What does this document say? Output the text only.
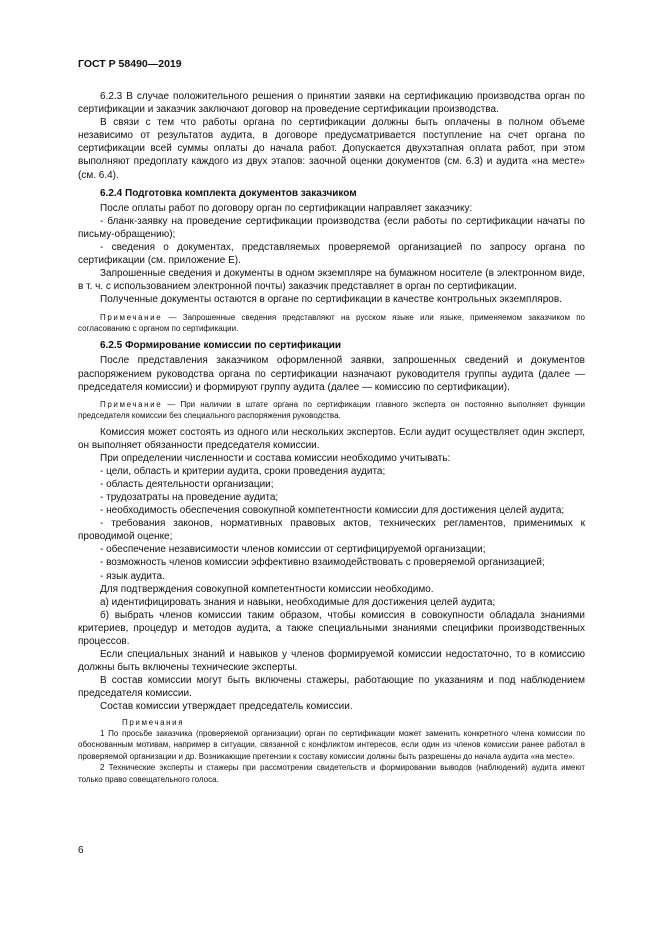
ГОСТ Р 58490—2019

6.2.3 В случае положительного решения о принятии заявки на сертификацию производства орган по сертификации и заказчик заключают договор на проведение сертификации производства.

В связи с тем что работы органа по сертификации должны быть оплачены в полном объеме независимо от результатов аудита, в договоре предусматривается поступление на счет органа по сертификации всей суммы оплаты до начала работ. Допускается двухэтапная оплата работ, при этом выполняют предоплату каждого из двух этапов: заочной оценки документов (см. 6.3) и аудита «на месте» (см. 6.4).

6.2.4 Подготовка комплекта документов заказчиком

После оплаты работ по договору орган по сертификации направляет заказчику:

- бланк-заявку на проведение сертификации производства (если работы по сертификации начаты по письму-обращению);

- сведения о документах, представляемых проверяемой организацией по запросу органа по сертификации (см. приложение Е).

Запрошенные сведения и документы в одном экземпляре на бумажном носителе (в электронном виде, в т. ч. с использованием электронной почты) заказчик представляет в орган по сертификации.

Полученные документы остаются в органе по сертификации в качестве контрольных экземпляров.

Примечание — Запрошенные сведения представляют на русском языке или языке, применяемом заказчиком по согласованию с органом по сертификации.

6.2.5 Формирование комиссии по сертификации

После представления заказчиком оформленной заявки, запрошенных сведений и документов распоряжением руководства органа по сертификации назначают руководителя группы аудита (далее — председателя комиссии) и формируют группу аудита (далее — комиссию по сертификации).

Примечание — При наличии в штате органа по сертификации главного эксперта он постоянно выполняет функции председателя комиссии без специального распоряжения руководства.

Комиссия может состоять из одного или нескольких экспертов. Если аудит осуществляет один эксперт, он выполняет обязанности председателя комиссии.

При определении численности и состава комиссии необходимо учитывать:

- цели, область и критерии аудита, сроки проведения аудита;

- область деятельности организации;

- трудозатраты на проведение аудита;

- необходимость обеспечения совокупной компетентности комиссии для достижения целей аудита;

- требования законов, нормативных правовых актов, технических регламентов, применимых к проводимой оценке;

- обеспечение независимости членов комиссии от сертифицируемой организации;

- возможность членов комиссии эффективно взаимодействовать с проверяемой организацией;

- язык аудита.

Для подтверждения совокупной компетентности комиссии необходимо.

а) идентифицировать знания и навыки, необходимые для достижения целей аудита;

б) выбрать членов комиссии таким образом, чтобы комиссия в совокупности обладала знаниями критериев, процедур и методов аудита, а также специальными знаниями специфики производственных процессов.

Если специальных знаний и навыков у членов формируемой комиссии недостаточно, то в комиссию должны быть включены технические эксперты.

В состав комиссии могут быть включены стажеры, работающие по указаниям и под наблюдением председателя комиссии.

Состав комиссии утверждает председатель комиссии.

Примечания

1 По просьбе заказчика (проверяемой организации) орган по сертификации может заменить конкретного члена комиссии по обоснованным мотивам, например в ситуации, связанной с конфликтом интересов, если один из членов комиссии ранее работал в проверяемой организации и др. Возникающие претензии к составу комиссии должны быть разрешены до начала аудита «на месте».

2 Технические эксперты и стажеры при рассмотрении свидетельств и формировании выводов (наблюдений) аудита имеют только право совещательного голоса.

6
